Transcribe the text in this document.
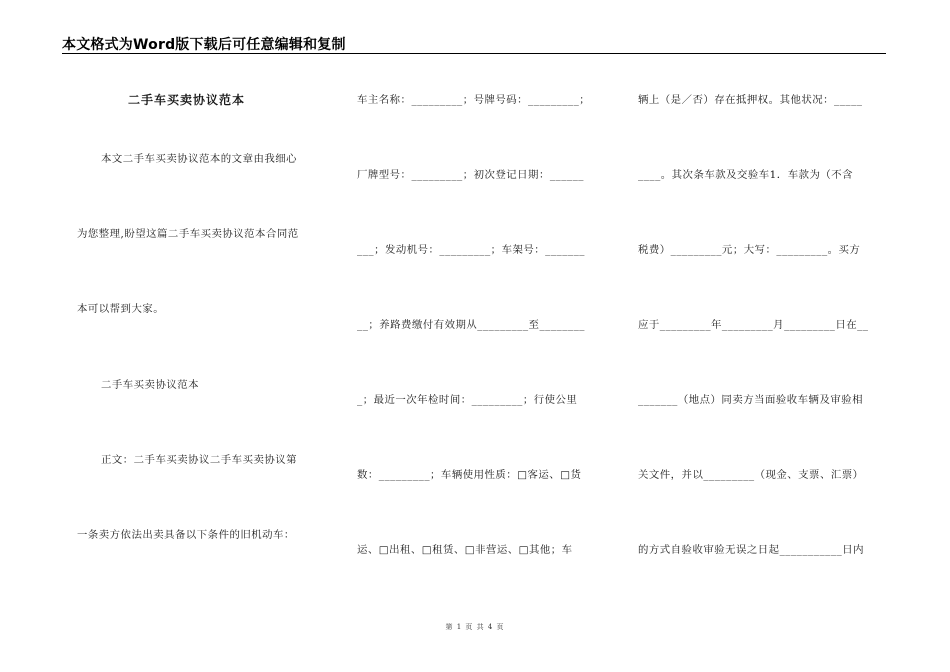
本文格式为Word版下载后可任意编辑和复制
二手车买卖协议范本
本文二手车买卖协议范本的文章由我细心
为您整理,盼望这篇二手车买卖协议范本合同范
本可以帮到大家。
二手车买卖协议范本
正文：二手车买卖协议二手车买卖协议第
一条卖方依法出卖具备以下条件的旧机动车：
车主名称：_________；号牌号码：_________；
厂牌型号：_________；初次登记日期：______
___；发动机号：_________；车架号：_______
__；养路费缴付有效期从_________至________
_；最近一次年检时间：_________；行使公里
数：_________；车辆使用性质：□客运、□货
运、□出租、□租赁、□非营运、□其他；车
辆上（是／否）存在抵押权。其他状况：_____
____。其次条车款及交验车1．车款为（不含
税费）_________元；大写：_________。买方
应于_________年_________月_________日在__
_______（地点）同卖方当面验收车辆及审验相
关文件，并以_________（现金、支票、汇票）
的方式自验收审验无误之日起___________日内
第 1 页 共 4 页
